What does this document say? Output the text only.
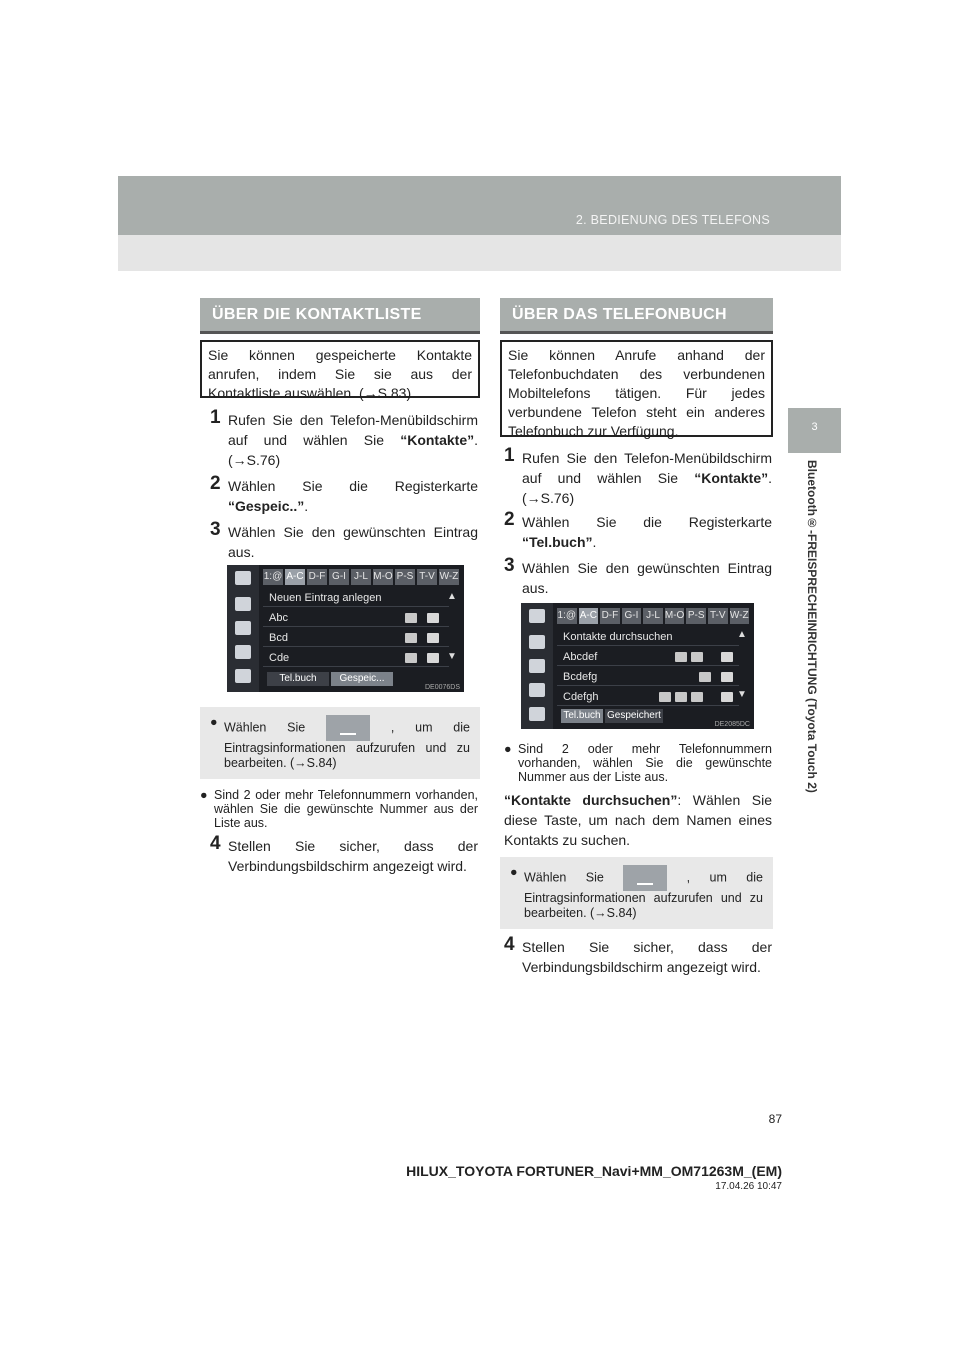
2. BEDIENUNG DES TELEFONS
3
Bluetooth®-FREISPRECHEINRICHTUNG (Toyota Touch 2)
ÜBER DIE KONTAKTLISTE
Sie können gespeicherte Kontakte anrufen, indem Sie sie aus der Kontaktliste auswählen. (→S.83)
1 Rufen Sie den Telefon-Menübildschirm auf und wählen Sie “Kontakte”. (→S.76)
2 Wählen Sie die Registerkarte “Gespeic..”.
3 Wählen Sie den gewünschten Eintrag aus.
1:@ A-C D-F G-I J-L M-O P-S T-V W-Z
Neuen Eintrag anlegen
Abc
Bcd
Cde
▲
▼
Tel.buch	Gespeic...
DE0076DS
● Wählen Sie	, um die Eintragsinformationen aufzurufen und zu bearbeiten. (→S.84)
● Sind 2 oder mehr Telefonnummern vorhanden, wählen Sie die gewünschte Nummer aus der Liste aus.
4 Stellen Sie sicher, dass der Verbindungsbildschirm angezeigt wird.
ÜBER DAS TELEFONBUCH
Sie können Anrufe anhand der Telefonbuchdaten des verbundenen Mobiltelefons tätigen. Für jedes verbundene Telefon steht ein anderes Telefonbuch zur Verfügung.
1 Rufen Sie den Telefon-Menübildschirm auf und wählen Sie “Kontakte”. (→S.76)
2 Wählen Sie die Registerkarte “Tel.buch”.
3 Wählen Sie den gewünschten Eintrag aus.
1:@ A-C D-F G-I J-L M-O P-S T-V W-Z
Kontakte durchsuchen
Abcdef
Bcdefg
Cdefgh
▲
▼
Tel.buch Gespeichert
DE2085DC
● Sind 2 oder mehr Telefonnummern vorhanden, wählen Sie die gewünschte Nummer aus der Liste aus.
“Kontakte durchsuchen”: Wählen Sie diese Taste, um nach dem Namen eines Kontakts zu suchen.
● Wählen Sie	, um die Eintragsinformationen aufzurufen und zu bearbeiten. (→S.84)
4 Stellen Sie sicher, dass der Verbindungsbildschirm angezeigt wird.
87
HILUX_TOYOTA FORTUNER_Navi+MM_OM71263M_(EM)
17.04.26 10:47
